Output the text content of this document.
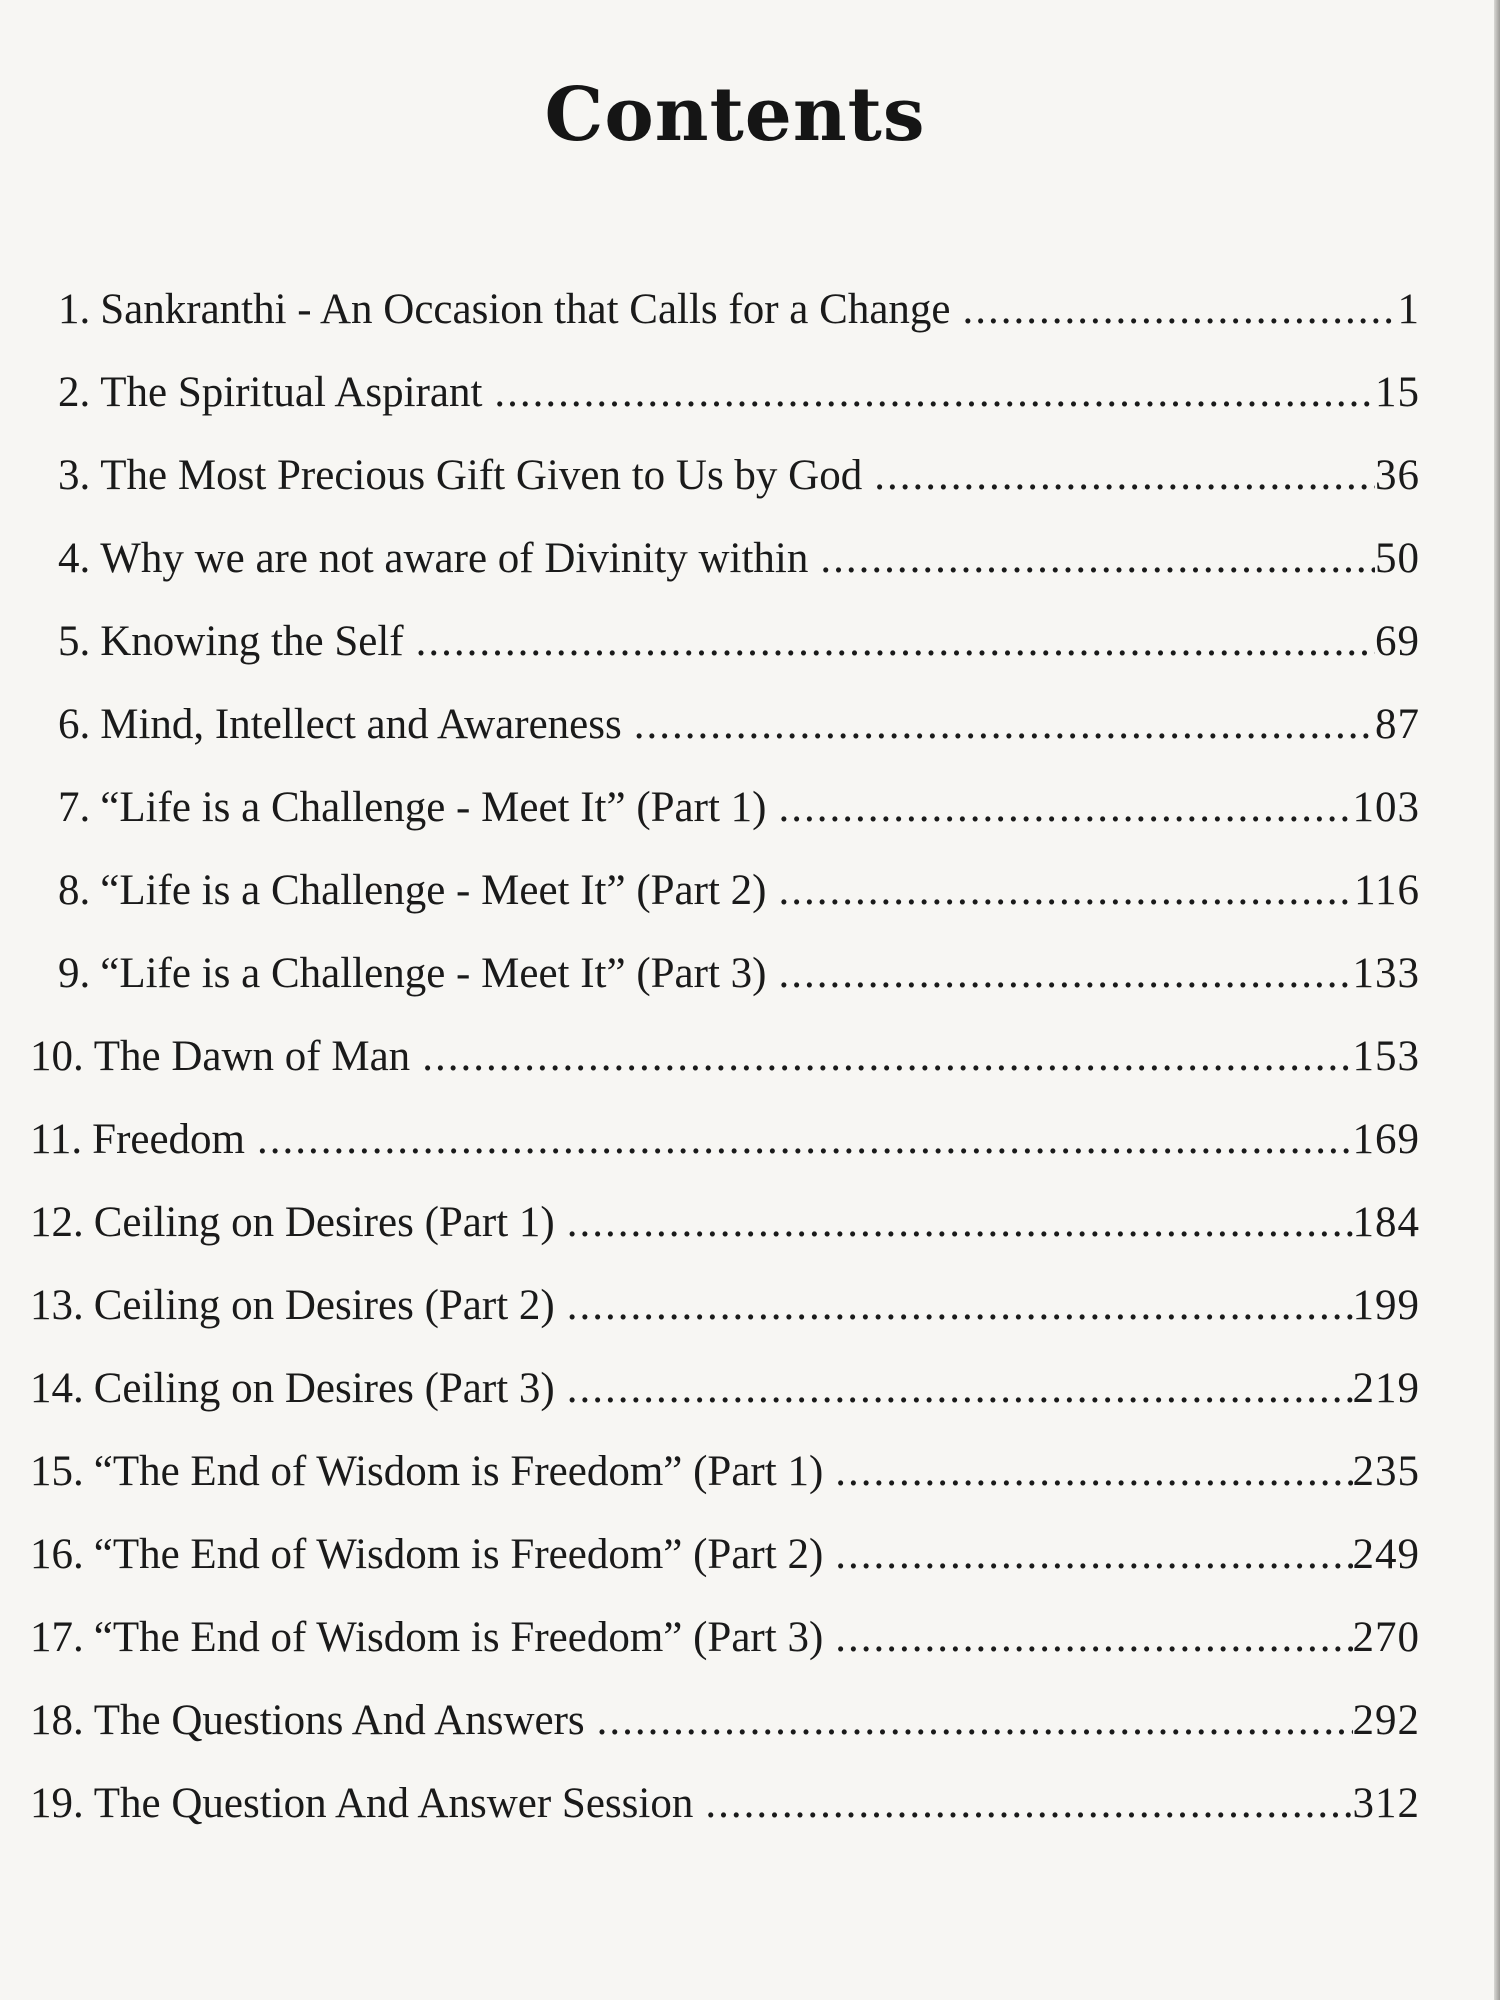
Contents
1. Sankranthi - An Occasion that Calls for a Change .....	1
2. The Spiritual Aspirant .....	15
3. The Most Precious Gift Given to Us by God .....	36
4. Why we are not aware of Divinity within .....	50
5. Knowing the Self .....	69
6. Mind, Intellect and Awareness .....	87
7. “Life is a Challenge - Meet It” (Part 1) .....	103
8. “Life is a Challenge - Meet It” (Part 2) .....	116
9. “Life is a Challenge - Meet It” (Part 3) .....	133
10. The Dawn of Man .....	153
11. Freedom .....	169
12. Ceiling on Desires (Part 1) .....	184
13. Ceiling on Desires (Part 2) .....	199
14. Ceiling on Desires (Part 3) .....	219
15. “The End of Wisdom is Freedom” (Part 1) .....	235
16. “The End of Wisdom is Freedom” (Part 2) .....	249
17. “The End of Wisdom is Freedom” (Part 3) .....	270
18. The Questions And Answers .....	292
19. The Question And Answer Session .....	312
